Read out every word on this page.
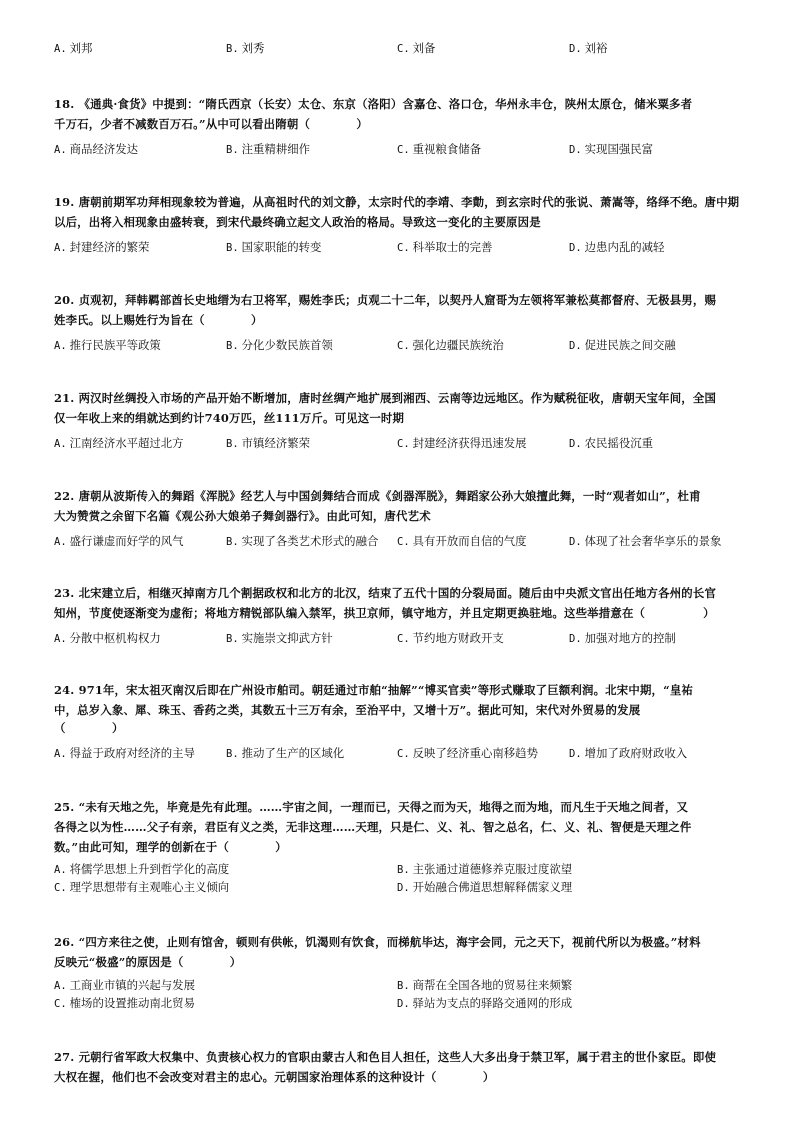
A. 刘邦	B. 刘秀	C. 刘备	D. 刘裕
18. 《通典·食货》中提到：“隋氏西京（长安）太仓、东京（洛阳）含嘉仓、洛口仓，华州永丰仓，陕州太原仓，储米粟多者
千万石，少者不减数百万石。”从中可以看出隋朝（　　　　）
A. 商品经济发达	B. 注重精耕细作	C. 重视粮食储备	D. 实现国强民富
19. 唐朝前期军功拜相现象较为普遍，从高祖时代的刘文静，太宗时代的李靖、李勣，到玄宗时代的张说、萧嵩等，络绎不绝。唐中期
以后，出将入相现象由盛转衰，到宋代最终确立起文人政治的格局。导致这一变化的主要原因是
A. 封建经济的繁荣	B. 国家职能的转变	C. 科举取士的完善	D. 边患内乱的减轻
20. 贞观初，拜韩羁部酋长史地缙为右卫将军，赐姓李氏；贞观二十二年，以契丹人窟哥为左领将军兼松莫都督府、无极县男，赐
姓李氏。以上赐姓行为旨在（　　　　）
A. 推行民族平等政策	B. 分化少数民族首领	C. 强化边疆民族统治	D. 促进民族之间交融
21. 两汉时丝绸投入市场的产品开始不断增加，唐时丝绸产地扩展到湘西、云南等边远地区。作为赋税征收，唐朝天宝年间，全国
仅一年收上来的绢就达到约计740万匹，丝111万斤。可见这一时期
A. 江南经济水平超过北方	B. 市镇经济繁荣	C. 封建经济获得迅速发展	D. 农民摇役沉重
22. 唐朝从波斯传入的舞蹈《浑脱》经艺人与中国剑舞结合而成《剑器浑脱》，舞蹈家公孙大娘擅此舞，一时“观者如山”，杜甫
大为赞赏之余留下名篇《观公孙大娘弟子舞剑器行》。由此可知，唐代艺术
A. 盛行谦虚而好学的风气	B. 实现了各类艺术形式的融合 C. 具有开放而自信的气度	D. 体现了社会奢华享乐的景象
23. 北宋建立后，相继灭掉南方几个割据政权和北方的北汉，结束了五代十国的分裂局面。随后由中央派文官出任地方各州的长官
知州，节度使逐渐变为虚衔；将地方精锐部队编入禁军，拱卫京师，镇守地方，并且定期更换驻地。这些举措意在（　　　　　）
A. 分散中枢机构权力	B. 实施崇文抑武方针	C. 节约地方财政开支	D. 加强对地方的控制
24. 971年，宋太祖灭南汉后即在广州设市舶司。朝廷通过市舶“抽解”“博买官卖”等形式赚取了巨额利润。北宋中期，“皇祐
中，总岁入象、犀、珠玉、香药之类，其数五十三万有余，至治平中，又增十万”。据此可知，宋代对外贸易的发展
（　　　　）
A. 得益于政府对经济的主导	B. 推动了生产的区域化	C. 反映了经济重心南移趋势	D. 增加了政府财政收入
25. “未有天地之先，毕竟是先有此理。……宇宙之间，一理而已，天得之而为天，地得之而为地，而凡生于天地之间者，又
各得之以为性……父子有亲，君臣有义之类，无非这理……天理，只是仁、义、礼、智之总名，仁、义、礼、智便是天理之件
数。”由此可知，理学的创新在于（　　　　）
A. 将儒学思想上升到哲学化的高度	B. 主张通过道德修养克服过度欲望
C. 理学思想带有主观唯心主义倾向	D. 开始融合佛道思想解释儒家义理
26. “四方来往之使，止则有馆舍，顿则有供帐，饥渴则有饮食，而梯航毕达，海宇会同，元之天下，视前代所以为极盛。”材料
反映元“极盛”的原因是（　　　　）
A. 工商业市镇的兴起与发展	B. 商帮在全国各地的贸易往来频繁
C. 榷场的设置推动南北贸易	D. 驿站为支点的驿路交通网的形成
27. 元朝行省军政大权集中、负责核心权力的官职由蒙古人和色目人担任，这些人大多出身于禁卫军，属于君主的世仆家臣。即使
大权在握，他们也不会改变对君主的忠心。元朝国家治理体系的这种设计（　　　　）
